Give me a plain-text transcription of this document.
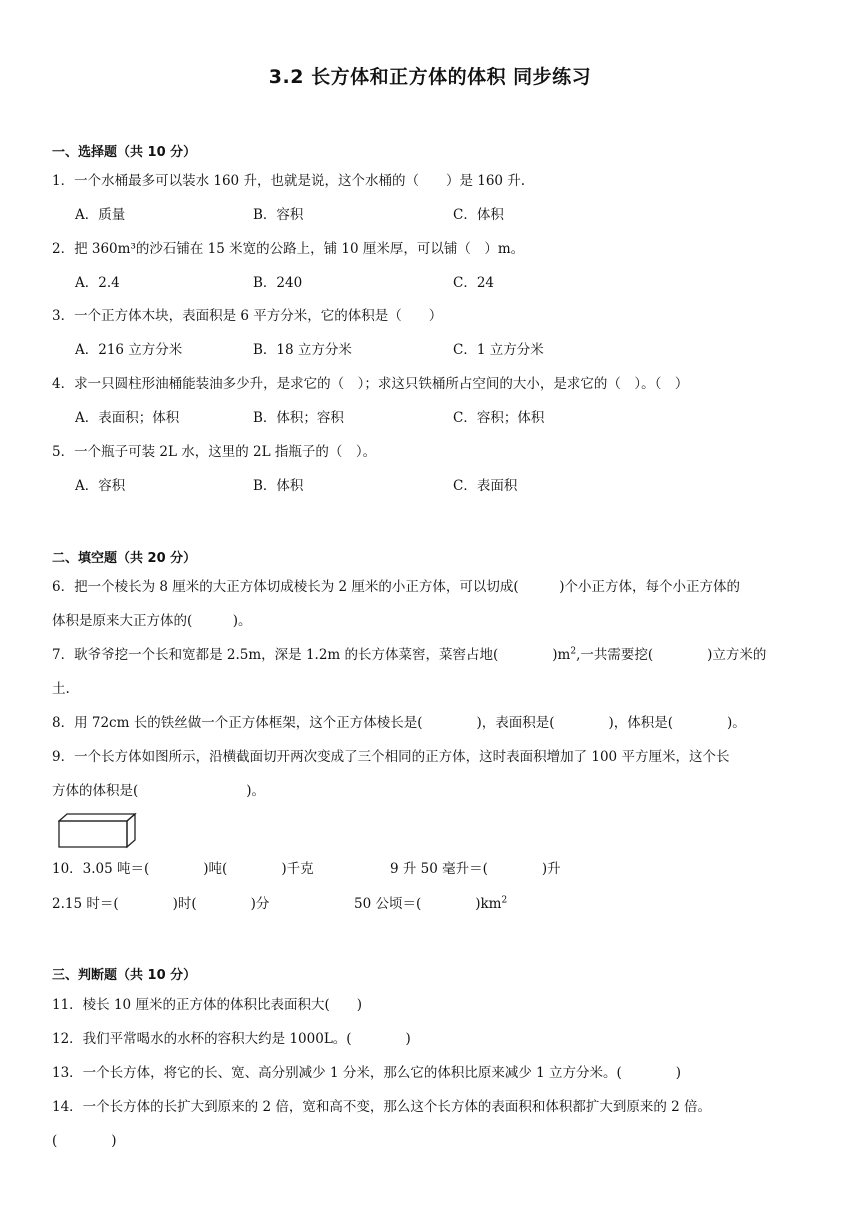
3.2 长方体和正方体的体积 同步练习
一、选择题（共 10 分）
1．一个水桶最多可以装水 160 升，也就是说，这个水桶的（　　）是 160 升.
A．质量	B．容积	C．体积
2．把 360m³的沙石铺在 15 米宽的公路上，铺 10 厘米厚，可以铺（　）m。
A．2.4	B．240	C．24
3．一个正方体木块，表面积是 6 平方分米，它的体积是（　　）
A．216 立方分米	B．18 立方分米	C．1 立方分米
4．求一只圆柱形油桶能装油多少升，是求它的（　）；求这只铁桶所占空间的大小，是求它的（　）。（　）
A．表面积；体积	B．体积；容积	C．容积；体积
5．一个瓶子可装 2L 水，这里的 2L 指瓶子的（　）。
A．容积	B．体积	C．表面积
二、填空题（共 20 分）
6．把一个棱长为 8 厘米的大正方体切成棱长为 2 厘米的小正方体，可以切成(　　　)个小正方体，每个小正方体的
体积是原来大正方体的(　　　)。
7．耿爷爷挖一个长和宽都是 2.5m，深是 1.2m 的长方体菜窖，菜窖占地(　　　　)$m^2$,一共需要挖(　　　　)立方米的
土.
8．用 72cm 长的铁丝做一个正方体框架，这个正方体棱长是(　　　　)，表面积是(　　　　)，体积是(　　　　)。
9．一个长方体如图所示，沿横截面切开两次变成了三个相同的正方体，这时表面积增加了 100 平方厘米，这个长
方体的体积是(　　　　　　　　)。
10．3.05 吨＝(　　　　)吨(　　　　)千克	9 升 50 毫升＝(　　　　)升
2.15 时＝(　　　　)时(　　　　)分	50 公顷＝(　　　　)$km^2$
三、判断题（共 10 分）
11．棱长 10 厘米的正方体的体积比表面积大(　　)
12．我们平常喝水的水杯的容积大约是 1000L。(　　　　)
13．一个长方体，将它的长、宽、高分别减少 1 分米，那么它的体积比原来减少 1 立方分米。(　　　　)
14．一个长方体的长扩大到原来的 2 倍，宽和高不变，那么这个长方体的表面积和体积都扩大到原来的 2 倍。
(　　　　)
